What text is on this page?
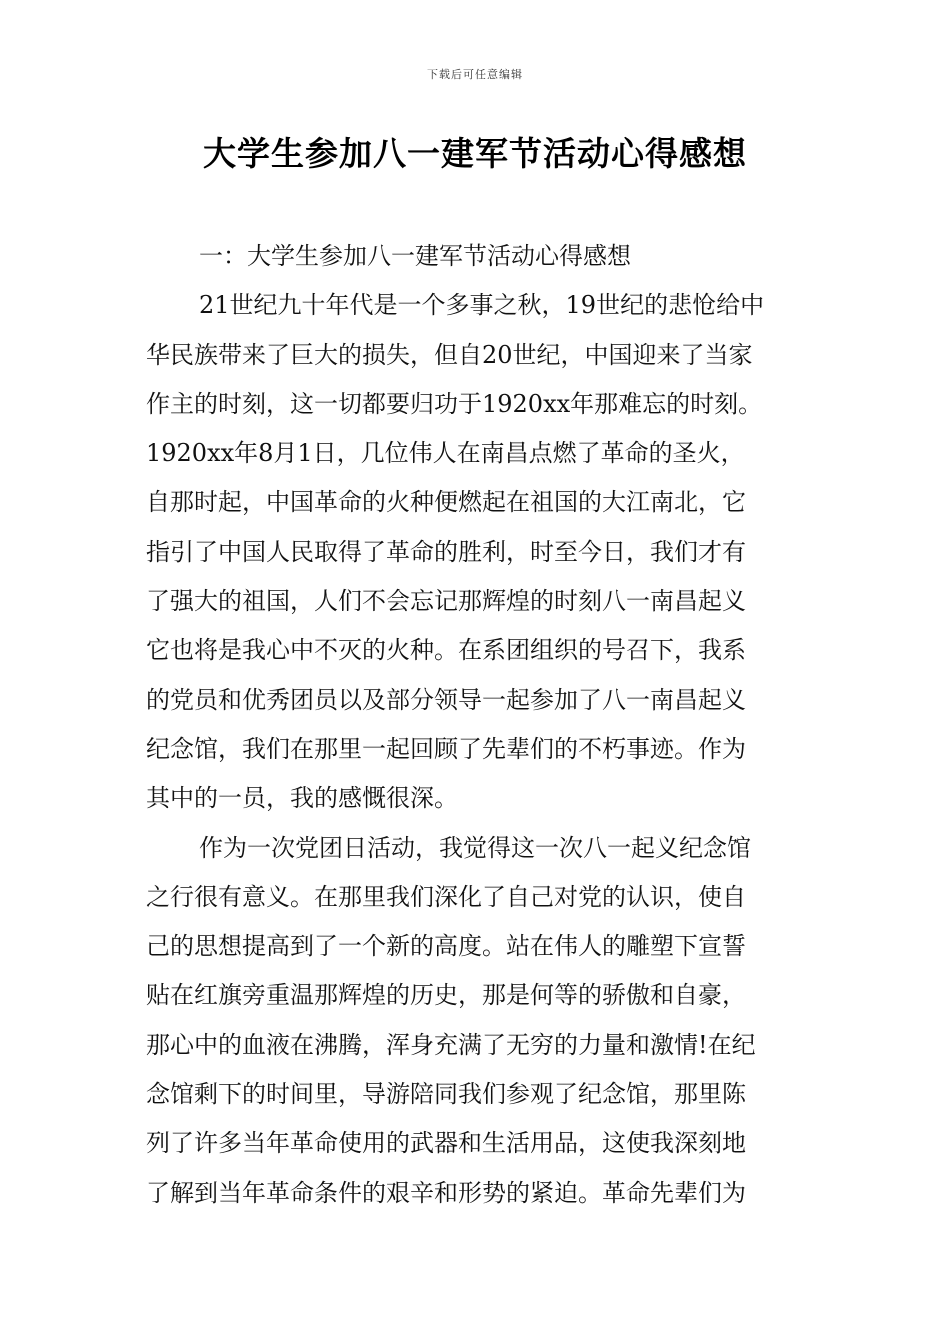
下载后可任意编辑
大学生参加八一建军节活动心得感想
一：大学生参加八一建军节活动心得感想
21世纪九十年代是一个多事之秋，19世纪的悲怆给中
华民族带来了巨大的损失，但自20世纪，中国迎来了当家
作主的时刻，这一切都要归功于1920xx年那难忘的时刻。
1920xx年8月1日，几位伟人在南昌点燃了革命的圣火，
自那时起，中国革命的火种便燃起在祖国的大江南北，它
指引了中国人民取得了革命的胜利，时至今日，我们才有
了强大的祖国，人们不会忘记那辉煌的时刻八一南昌起义
它也将是我心中不灭的火种。在系团组织的号召下，我系
的党员和优秀团员以及部分领导一起参加了八一南昌起义
纪念馆，我们在那里一起回顾了先辈们的不朽事迹。作为
其中的一员，我的感慨很深。
作为一次党团日活动，我觉得这一次八一起义纪念馆
之行很有意义。在那里我们深化了自己对党的认识，使自
己的思想提高到了一个新的高度。站在伟人的雕塑下宣誓
贴在红旗旁重温那辉煌的历史，那是何等的骄傲和自豪，
那心中的血液在沸腾，浑身充满了无穷的力量和激情!在纪
念馆剩下的时间里，导游陪同我们参观了纪念馆，那里陈
列了许多当年革命使用的武器和生活用品，这使我深刻地
了解到当年革命条件的艰辛和形势的紧迫。革命先辈们为
